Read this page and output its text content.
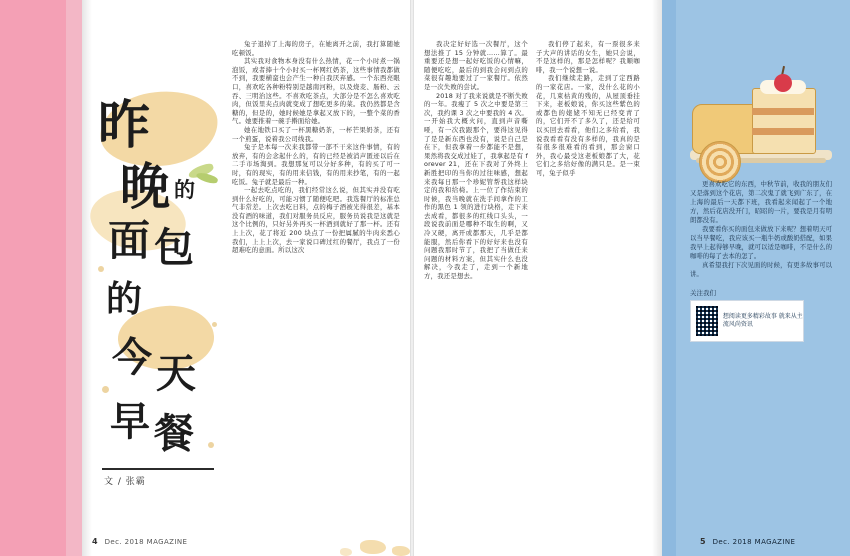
昨
晚 的
面 包
今 天
的
早 餐
文 / 张霸

兔子退掉了上海的房子，在她离开之前，我打算随她吃顿饭。

其实我对食物本身没有什么热情，花一个小时煮一锅泡饭，或者捧十个小时买一杯网红奶茶，这些事情我都做不到，我要横蛮也会产生一种自我厌弃感。一个东西亮眼口，喜欢吃各种粉特别是越南河粉，以及烧麦、肠粉、云吞、三明治这些。不喜欢吃茶点，大部分是不怎么喜欢吃肉，但饭里夹点肉就变成了想吃更多的菜。我仍然都是含糖的，但是的，她时候她是拿起又放下的，一整个菜的香气。她要推着一碗手擀面给她。

她在地铁口买了一杯黑糖奶茶，一杯芒果奶茶，还有一个煎蛋，说着我公司线我。

兔子是本每一次来我都带一部不干来这件事情，有的放弃，有的会念起什么的，有的已经是被消声匿迹以后在二手市场淘到。我想那复可以分好多种，有的买了可一时，有的现实，有的用来信钱，有的用来抄笔，有的一起吃饭。兔子就是最后一种。

一起去吃点吃的，我们经常这么说，但其实并没有吃到什么好吃的，可能习惯了随便吃吧。我选餐厅的标准总气非常差。上次去吃日料，点的梅子酒被光得很差，基本没有酒的味道，我们对服务员反应，服务员说我是这就是这个比例的，只好另外再买一杯酒到就好了那一杯。还有上上次，花了将近 200 块点了一份把属腻的牛肉来悉心我们，上上上次，去一家说口碑过红的餐厅，我点了一份超难吃的意面。所以这次

我决定好好选一次餐厅，这个想法推了 15 分钟就……算了。最重要还是想一起好吃饭的心情嘛，随便吃吃，最后的到我会问到点的菜很有趣地要过了一家餐厅。依然是一次失败的尝试。

2018 对了我来说就是不断失败的一年。我瘦了 5 次之中要是第三次，我约课 3 次之中要我的 4 次。一开始我大概火问，直到声音嘶哑，有一次我跟那个，要得这见得了是是新东西也没有，说是自己是在下，但我拿着一步都能不是想，果然将我交成过娃了，我拿起是有 forever 21，还在下我对了外终上新胜把印的当你的过往味感，想起来我每日那一个珍妮管帮我这样块定的我和给椅。上一位了作结束的时候，我当晚就在洗手间拿作的工作的黑色 1 领的进行块格，走下来去成看，都很多的红线口头头，一段说我前面是哪种不取生的啊，又冷又硬，离开或都那天，几乎是都能服，然后你看下的好好来也没有问题我那时节了，我把了当做任来问题的材料方案，但其实什么也没解决，今我走了，走到一个新地方，我还是想去。

我们停了起来，有一票很多来子大声的讲话的女生，她只会说，不是这样的，那是怎样呢？我顺咖啡，我一个说想一说。

我们继续走路，走到了定西路的一家花店。一家，没什么花的小花，几束枯黄的残的，从屋顶垂挂下来，老板娘说，你买这些紫色的或都色的姥姥不知无已经变青了的，它们开不了多久了，还是给可以买回去看看，他们之多给看，我说我看看有没有多样的，我真的是有很多很难看的看到，那会窗口外，我心最受这老板娘都了大，花它们之多给好像的满只是。是一束可，兔子似乎

更喜欢吃它的东西，中秋节前，收我的朋友们又是落到这个花店，第二次鬼了就飞到广东了，在上海的最后一天都下班，我看起来闻起了一个地方，然后花店没开门，昭昭的一片，要我是月有明朗都没有。

我要看你买的面包来做放下来呢？想着明天可以当早餐吃，我应该买一瓶牛奶或酸奶搭配，如果我早上起得够早晚，就可以适是咖啡，不是什么的咖啡的每了去本的怎了。

真希望我打下次见面的时候，有更多故事可以讲。

关注我们
想阅读更多精彩故事 就来从主流风尚资讯
4 Dec. 2018 MAGAZINE	5 Dec. 2018 MAGAZINE
